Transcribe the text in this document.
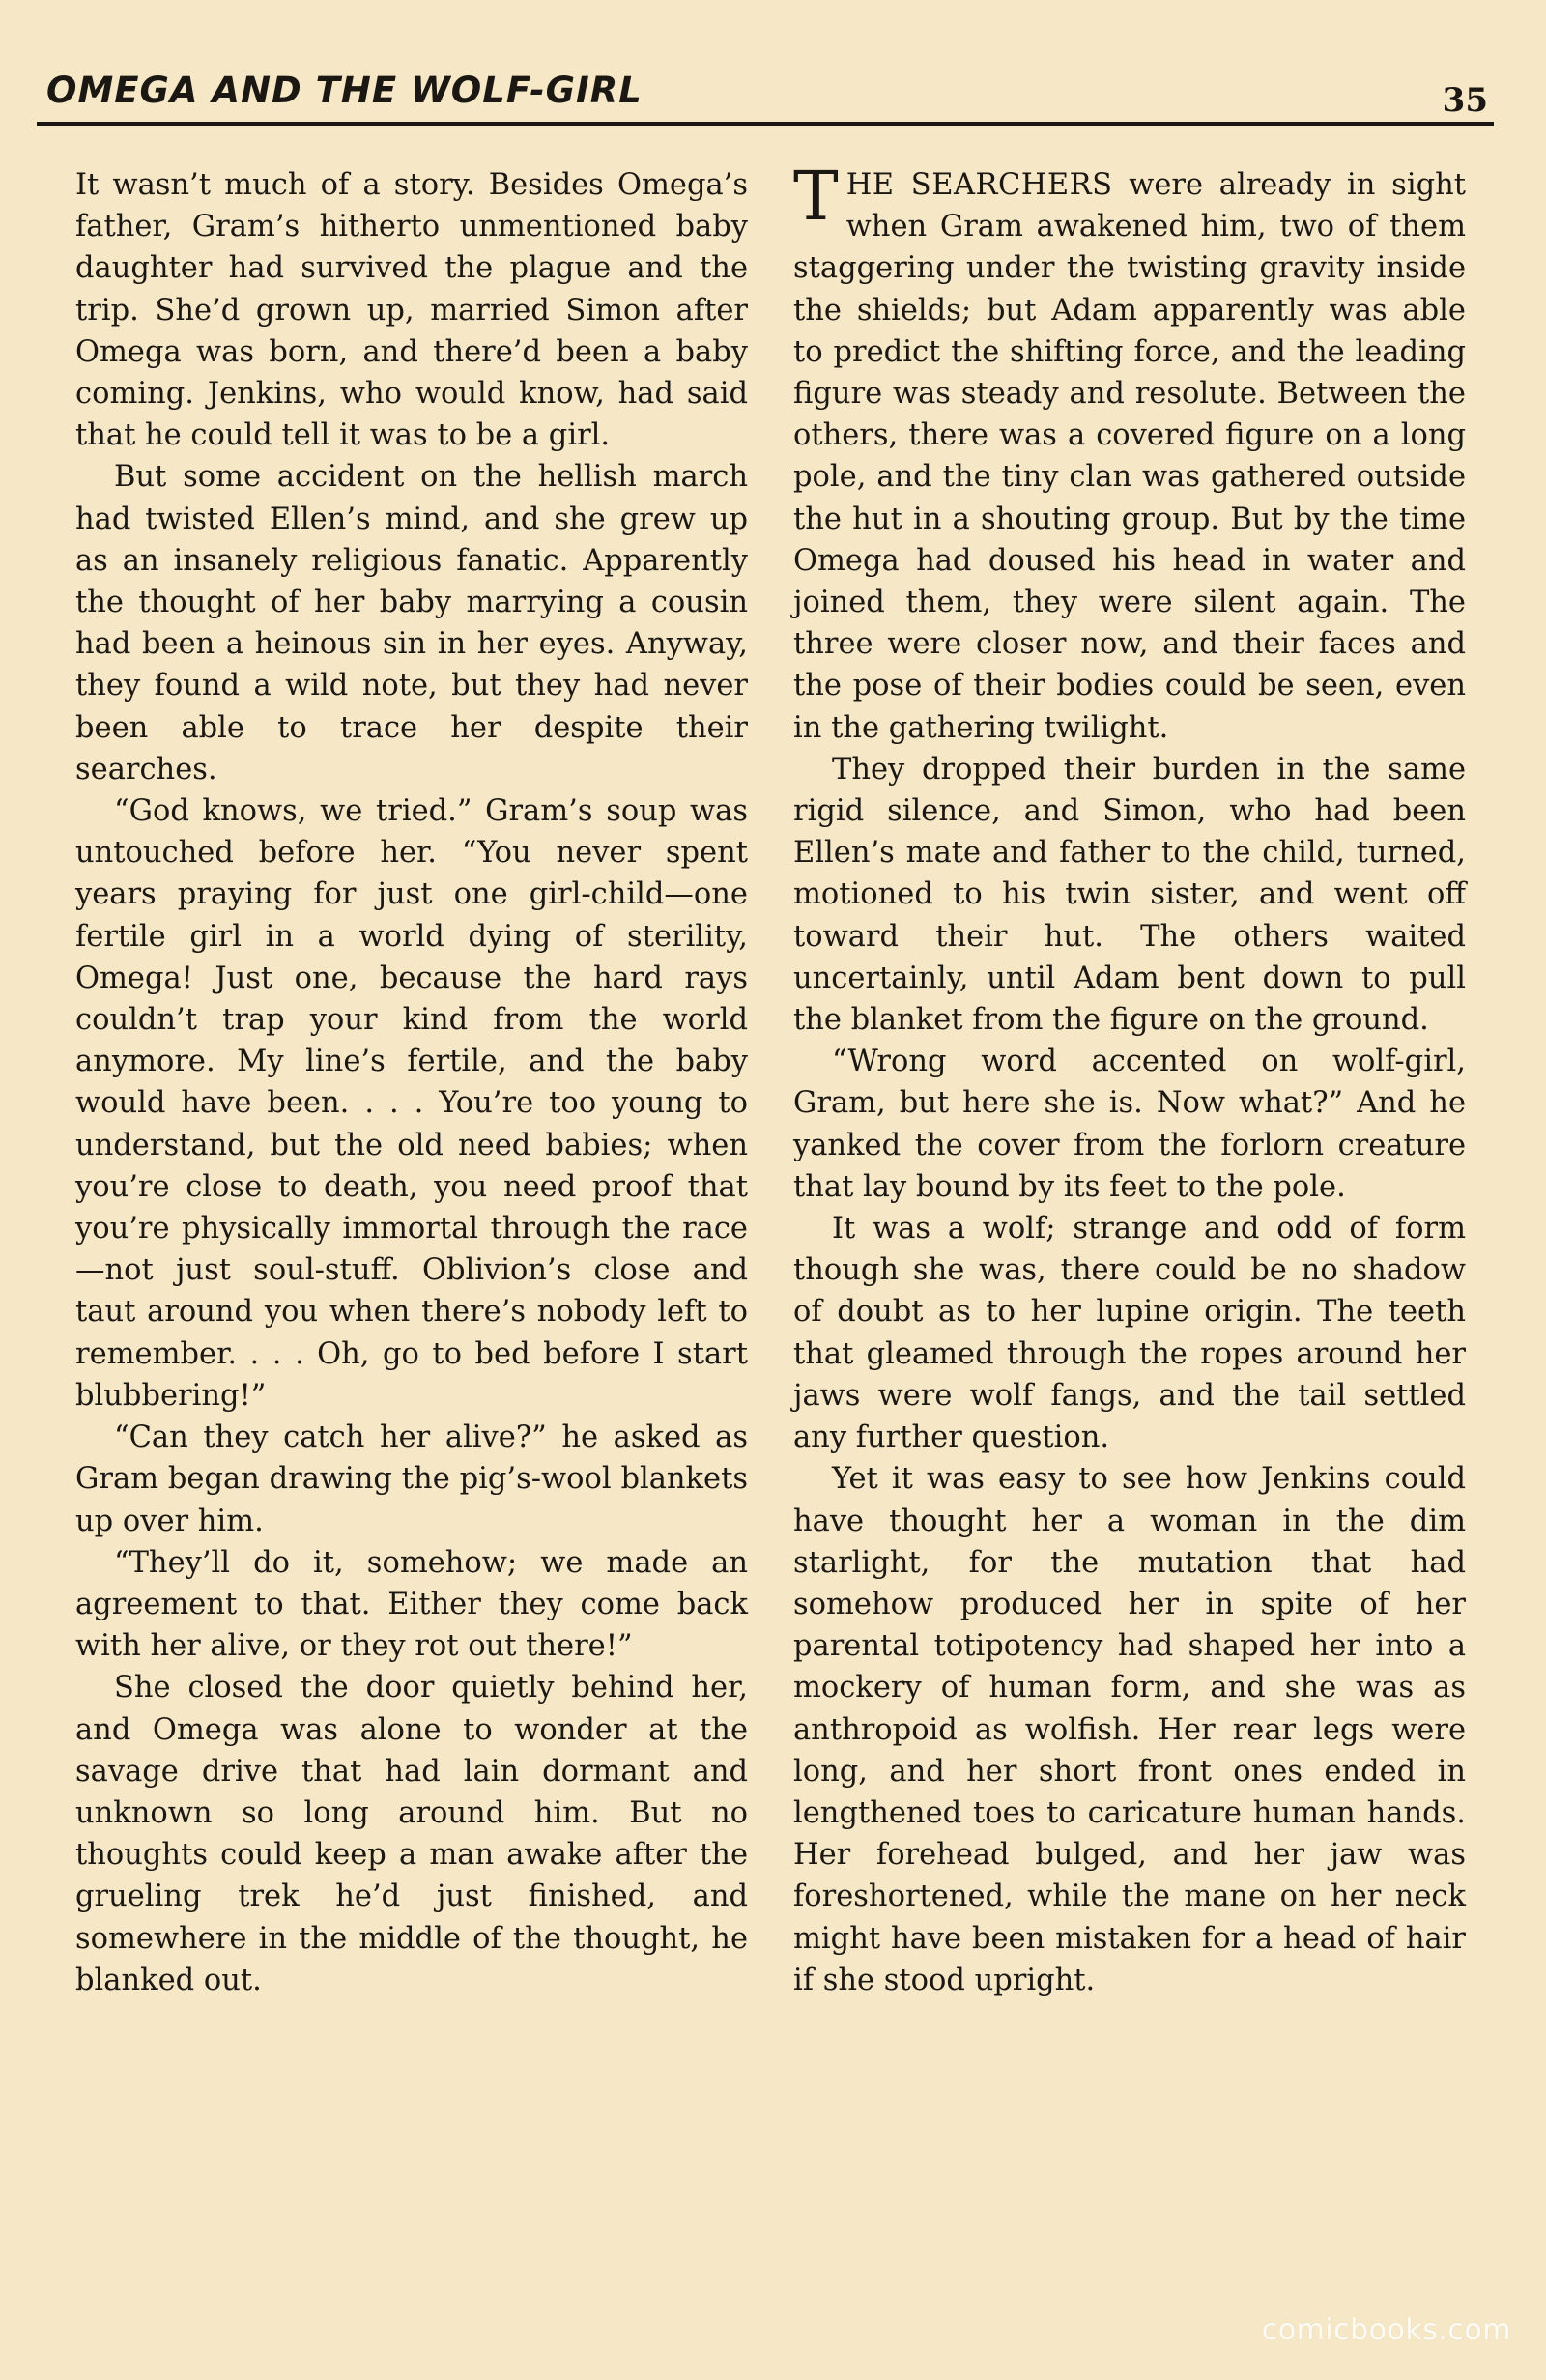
OMEGA AND THE WOLF-GIRL	35

It wasn’t much of a story. Besides Omega’s father, Gram’s hitherto unmentioned baby daughter had survived the plague and the trip. She’d grown up, married Simon after Omega was born, and there’d been a baby coming. Jenkins, who would know, had said that he could tell it was to be a girl.

But some accident on the hellish march had twisted Ellen’s mind, and she grew up as an insanely religious fanatic. Apparently the thought of her baby marrying a cousin had been a heinous sin in her eyes. Anyway, they found a wild note, but they had never been able to trace her despite their searches.

“God knows, we tried.” Gram’s soup was untouched before her. “You never spent years praying for just one girl-child—one fertile girl in a world dying of sterility, Omega! Just one, because the hard rays couldn’t trap your kind from the world anymore. My line’s fertile, and the baby would have been. . . . You’re too young to understand, but the old need babies; when you’re close to death, you need proof that you’re physically immortal through the race—not just soul-stuff. Oblivion’s close and taut around you when there’s nobody left to remember. . . . Oh, go to bed before I start blubbering!”

“Can they catch her alive?” he asked as Gram began drawing the pig’s-wool blankets up over him.

“They’ll do it, somehow; we made an agreement to that. Either they come back with her alive, or they rot out there!”

She closed the door quietly behind her, and Omega was alone to wonder at the savage drive that had lain dormant and unknown so long around him. But no thoughts could keep a man awake after the grueling trek he’d just finished, and somewhere in the middle of the thought, he blanked out.

THE SEARCHERS were already in sight when Gram awakened him, two of them staggering under the twisting gravity inside the shields; but Adam apparently was able to predict the shifting force, and the leading figure was steady and resolute. Between the others, there was a covered figure on a long pole, and the tiny clan was gathered outside the hut in a shouting group. But by the time Omega had doused his head in water and joined them, they were silent again. The three were closer now, and their faces and the pose of their bodies could be seen, even in the gathering twilight.

They dropped their burden in the same rigid silence, and Simon, who had been Ellen’s mate and father to the child, turned, motioned to his twin sister, and went off toward their hut. The others waited uncertainly, until Adam bent down to pull the blanket from the figure on the ground.

“Wrong word accented on wolf-girl, Gram, but here she is. Now what?” And he yanked the cover from the forlorn creature that lay bound by its feet to the pole.

It was a wolf; strange and odd of form though she was, there could be no shadow of doubt as to her lupine origin. The teeth that gleamed through the ropes around her jaws were wolf fangs, and the tail settled any further question.

Yet it was easy to see how Jenkins could have thought her a woman in the dim starlight, for the mutation that had somehow produced her in spite of her parental totipotency had shaped her into a mockery of human form, and she was as anthropoid as wolfish. Her rear legs were long, and her short front ones ended in lengthened toes to caricature human hands. Her forehead bulged, and her jaw was foreshortened, while the mane on her neck might have been mistaken for a head of hair if she stood upright.

comicbooks.com
